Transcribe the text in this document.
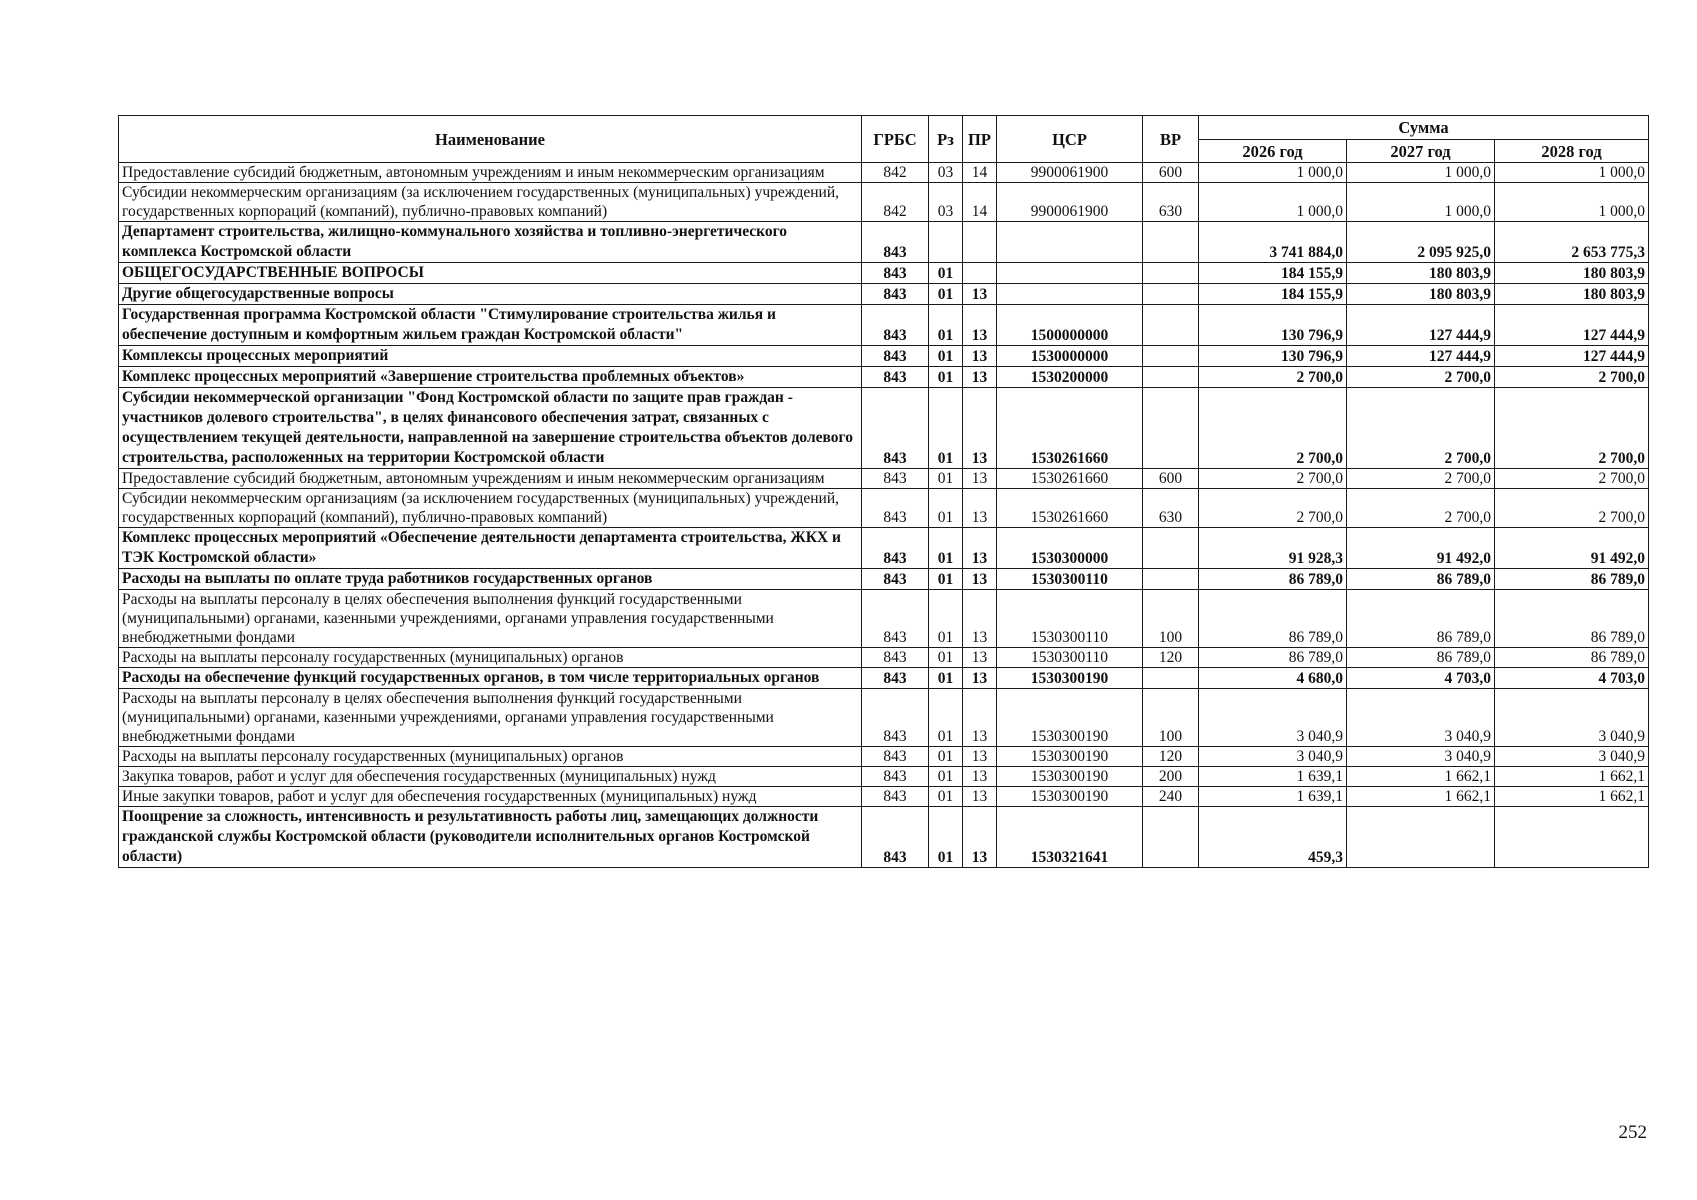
Наименование	ГРБС	Рз	ПР	ЦСР	ВР	Сумма		
						2026 год	2027 год	2028 год
Предоставление субсидий бюджетным, автономным учреждениям и иным некоммерческим организациям	842	03	14	9900061900	600	1 000,0	1 000,0	1 000,0
Субсидии некоммерческим организациям (за исключением государственных (муниципальных) учреждений, государственных корпораций (компаний), публично-правовых компаний)	842	03	14	9900061900	630	1 000,0	1 000,0	1 000,0
Департамент строительства, жилищно-коммунального хозяйства и топливно-энергетического комплекса Костромской области	843					3 741 884,0	2 095 925,0	2 653 775,3
ОБЩЕГОСУДАРСТВЕННЫЕ ВОПРОСЫ	843	01				184 155,9	180 803,9	180 803,9
Другие общегосударственные вопросы	843	01	13			184 155,9	180 803,9	180 803,9
Государственная программа Костромской области "Стимулирование строительства жилья и обеспечение доступным и комфортным жильем граждан Костромской области"	843	01	13	1500000000		130 796,9	127 444,9	127 444,9
Комплексы процессных мероприятий	843	01	13	1530000000		130 796,9	127 444,9	127 444,9
Комплекс процессных мероприятий «Завершение строительства проблемных объектов»	843	01	13	1530200000		2 700,0	2 700,0	2 700,0
Субсидии некоммерческой организации "Фонд Костромской области по защите прав граждан - участников долевого строительства", в целях финансового обеспечения затрат, связанных с осуществлением текущей деятельности, направленной на завершение строительства объектов долевого строительства, расположенных на территории Костромской области	843	01	13	1530261660		2 700,0	2 700,0	2 700,0
Предоставление субсидий бюджетным, автономным учреждениям и иным некоммерческим организациям	843	01	13	1530261660	600	2 700,0	2 700,0	2 700,0
Субсидии некоммерческим организациям (за исключением государственных (муниципальных) учреждений, государственных корпораций (компаний), публично-правовых компаний)	843	01	13	1530261660	630	2 700,0	2 700,0	2 700,0
Комплекс процессных мероприятий «Обеспечение деятельности департамента строительства, ЖКХ и ТЭК Костромской области»	843	01	13	1530300000		91 928,3	91 492,0	91 492,0
Расходы на выплаты по оплате труда работников государственных органов	843	01	13	1530300110		86 789,0	86 789,0	86 789,0
Расходы на выплаты персоналу в целях обеспечения выполнения функций государственными (муниципальными) органами, казенными учреждениями, органами управления государственными внебюджетными фондами	843	01	13	1530300110	100	86 789,0	86 789,0	86 789,0
Расходы на выплаты персоналу государственных (муниципальных) органов	843	01	13	1530300110	120	86 789,0	86 789,0	86 789,0
Расходы на обеспечение функций государственных органов, в том числе территориальных органов	843	01	13	1530300190		4 680,0	4 703,0	4 703,0
Расходы на выплаты персоналу в целях обеспечения выполнения функций государственными (муниципальными) органами, казенными учреждениями, органами управления государственными внебюджетными фондами	843	01	13	1530300190	100	3 040,9	3 040,9	3 040,9
Расходы на выплаты персоналу государственных (муниципальных) органов	843	01	13	1530300190	120	3 040,9	3 040,9	3 040,9
Закупка товаров, работ и услуг для обеспечения государственных (муниципальных) нужд	843	01	13	1530300190	200	1 639,1	1 662,1	1 662,1
Иные закупки товаров, работ и услуг для обеспечения государственных (муниципальных) нужд	843	01	13	1530300190	240	1 639,1	1 662,1	1 662,1
Поощрение за сложность, интенсивность и результативность работы лиц, замещающих должности гражданской службы Костромской области (руководители исполнительных органов Костромской области)	843	01	13	1530321641		459,3		
252
